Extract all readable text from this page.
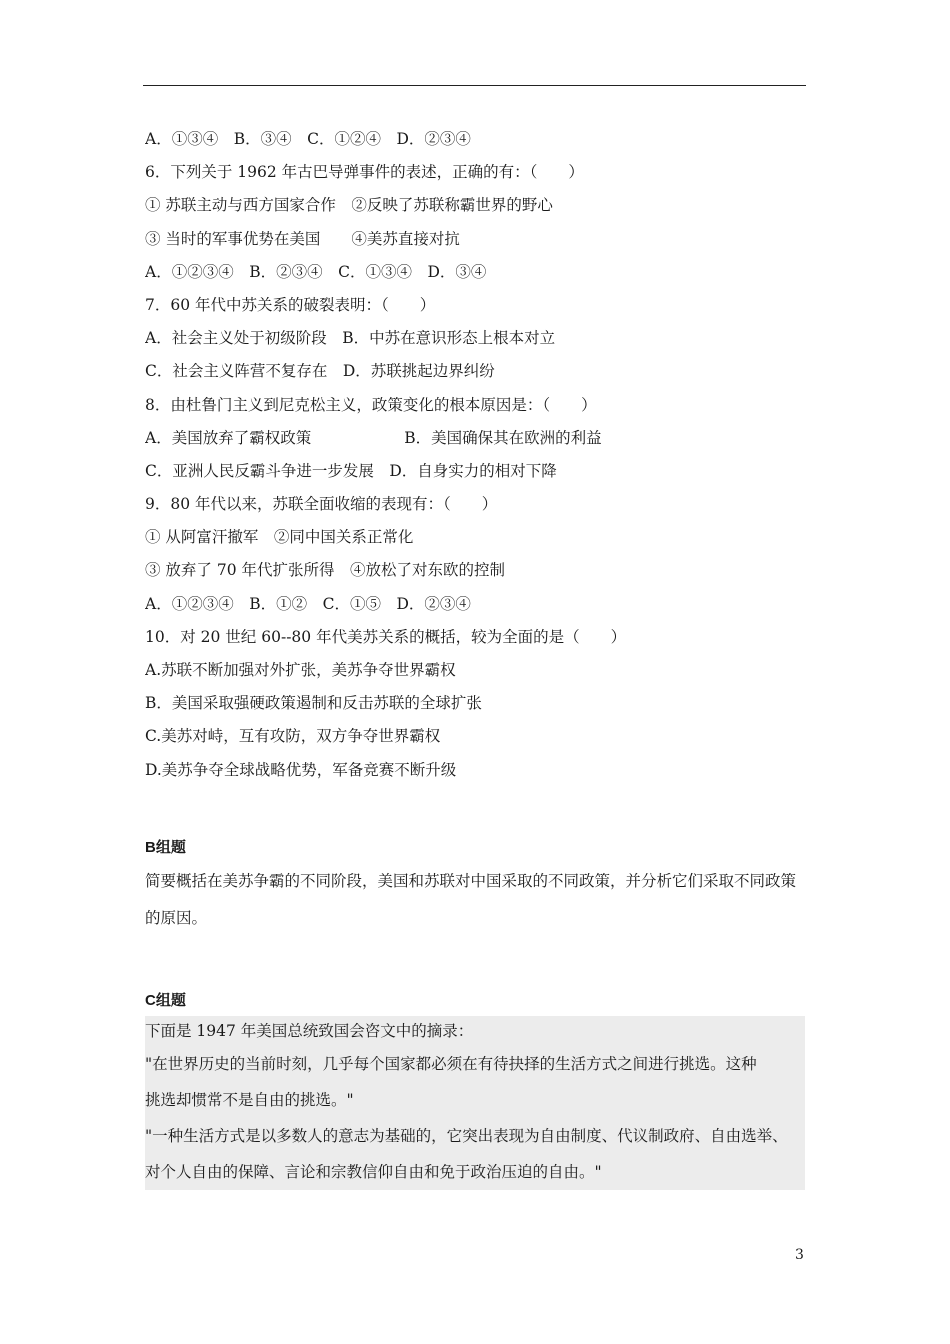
A．①③④　B．③④　C．①②④　D．②③④
6．下列关于 1962 年古巴导弹事件的表述，正确的有：（　　）
① 苏联主动与西方国家合作　②反映了苏联称霸世界的野心
③ 当时的军事优势在美国　　④美苏直接对抗
A．①②③④　B．②③④　C．①③④　D．③④
7．60 年代中苏关系的破裂表明：（　　）
A．社会主义处于初级阶段　B．中苏在意识形态上根本对立
C．社会主义阵营不复存在　D．苏联挑起边界纠纷
8．由杜鲁门主义到尼克松主义，政策变化的根本原因是：（　　）
A．美国放弃了霸权政策　　　　　　B．美国确保其在欧洲的利益
C．亚洲人民反霸斗争进一步发展　D．自身实力的相对下降
9．80 年代以来，苏联全面收缩的表现有：（　　）
① 从阿富汗撤军　②同中国关系正常化
③ 放弃了 70 年代扩张所得　④放松了对东欧的控制
A．①②③④　B．①②　C．①⑤　D．②③④
10．对 20 世纪 60--80 年代美苏关系的概括，较为全面的是（　　）
A.苏联不断加强对外扩张，美苏争夺世界霸权
B．美国采取强硬政策遏制和反击苏联的全球扩张
C.美苏对峙，互有攻防，双方争夺世界霸权
D.美苏争夺全球战略优势，军备竞赛不断升级
B组题
简要概括在美苏争霸的不同阶段，美国和苏联对中国采取的不同政策，并分析它们采取不同政策的原因。
C组题
下面是 1947 年美国总统致国会咨文中的摘录：
"在世界历史的当前时刻，几乎每个国家都必须在有待抉择的生活方式之间进行挑选。这种
挑选却惯常不是自由的挑选。"
"一种生活方式是以多数人的意志为基础的，它突出表现为自由制度、代议制政府、自由选举、
对个人自由的保障、言论和宗教信仰自由和免于政治压迫的自由。"
3
